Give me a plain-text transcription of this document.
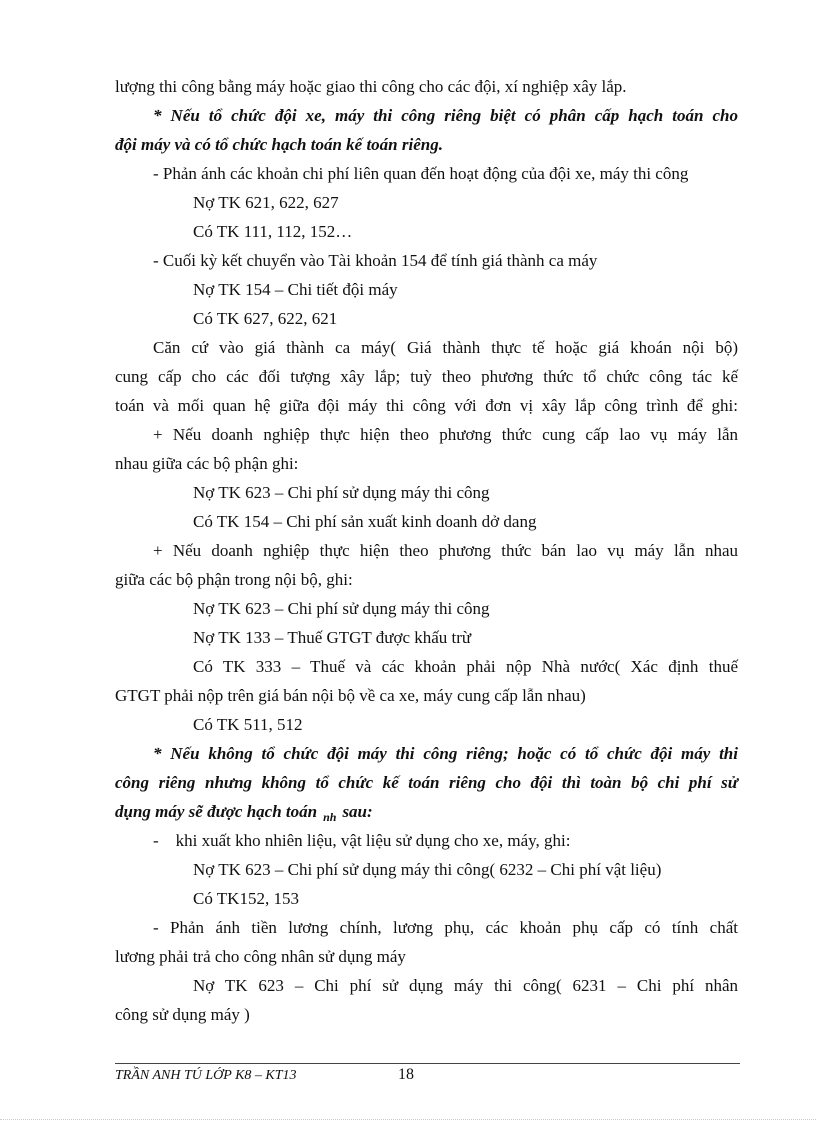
lượng thi công bằng máy hoặc giao thi công cho các đội, xí nghiệp xây lắp.
* Nếu tổ chức đội xe, máy thi công riêng biệt có phân cấp hạch toán cho
đội máy và có tổ chức hạch toán kế toán riêng.
- Phản ánh các khoản chi phí liên quan đến hoạt động của đội xe, máy thi công
Nợ TK 621, 622, 627
Có TK 111, 112, 152…
- Cuối kỳ kết chuyển vào Tài khoản 154 để tính giá thành ca máy
Nợ TK 154 – Chi tiết đội máy
Có TK 627, 622, 621
Căn cứ vào giá thành ca máy( Giá thành thực tế hoặc giá khoán nội bộ)
cung cấp cho các đối tượng xây lắp; tuỳ theo phương thức tổ chức công tác kế
toán và mối quan hệ giữa đội máy thi công với đơn vị xây lắp công trình để ghi:
+ Nếu doanh nghiệp thực hiện theo phương thức cung cấp lao vụ máy lẫn
nhau giữa các bộ phận ghi:
Nợ TK 623 – Chi phí sử dụng máy thi công
Có TK 154 – Chi phí sản xuất kinh doanh dở dang
+ Nếu doanh nghiệp thực hiện theo phương thức bán lao vụ máy lẫn nhau
giữa các bộ phận trong nội bộ, ghi:
Nợ TK 623 – Chi phí sử dụng máy thi công
Nợ TK 133 – Thuế GTGT được khấu trừ
Có TK 333 – Thuế và các khoản phải nộp Nhà nước( Xác định thuế
GTGT phải nộp trên giá bán nội bộ về ca xe, máy cung cấp lẫn nhau)
Có TK 511, 512
* Nếu không tổ chức đội máy thi công riêng; hoặc có tổ chức đội máy thi
công riêng nhưng không tổ chức kế toán riêng cho đội thì toàn bộ chi phí sử
dụng máy sẽ được hạch toán $_{nh}$ sau:
-    khi xuất kho nhiên liệu, vật liệu sử dụng cho xe, máy, ghi:
Nợ TK 623 – Chi phí sử dụng máy thi công( 6232 – Chi phí vật liệu)
Có TK152, 153
- Phản ánh tiền lương chính, lương phụ, các khoản phụ cấp có tính chất
lương phải trả cho công nhân sử dụng máy
Nợ TK 623 – Chi phí sử dụng máy thi công( 6231 – Chi phí nhân
công sử dụng máy )
TRẦN ANH TÚ LỚP K8 – KT13	18
